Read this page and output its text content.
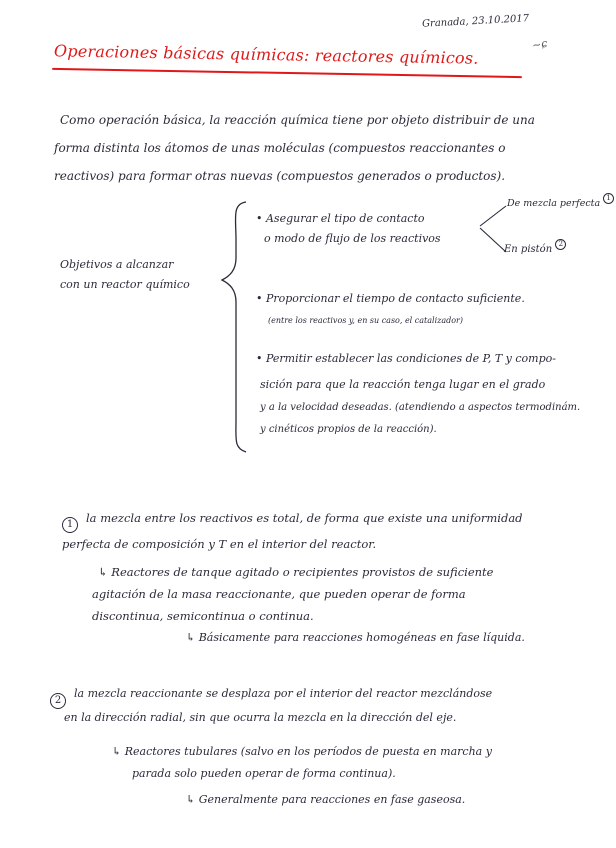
Granada, 23.10.2017
~ɕ
Operaciones básicas químicas: reactores químicos.
Como operación básica, la reacción química tiene por objeto distribuir de una
forma distinta los átomos de unas moléculas (compuestos reaccionantes o
reactivos) para formar otras nuevas (compuestos generados o productos).
Objetivos a alcanzar
con un reactor químico
• Asegurar el tipo de contacto
o modo de flujo de los reactivos
De mezcla perfecta 1
En pistón 2
• Proporcionar el tiempo de contacto suficiente.
(entre los reactivos y, en su caso, el catalizador)
• Permitir establecer las condiciones de P, T y compo-
sición para que la reacción tenga lugar en el grado
y a la velocidad deseadas. (atendiendo a aspectos termodinám.
y cinéticos propios de la reacción).
1	la mezcla entre los reactivos es total, de forma que existe una uniformidad
perfecta de composición y T en el interior del reactor.
↳ Reactores de tanque agitado o recipientes provistos de suficiente
agitación de la masa reaccionante, que pueden operar de forma
discontinua, semicontinua o continua.
↳ Básicamente para reacciones homogéneas en fase líquida.
2
la mezcla reaccionante se desplaza por el interior del reactor mezclándose
en la dirección radial, sin que ocurra la mezcla en la dirección del eje.
↳ Reactores tubulares (salvo en los períodos de puesta en marcha y
parada solo pueden operar de forma continua).
↳ Generalmente para reacciones en fase gaseosa.
